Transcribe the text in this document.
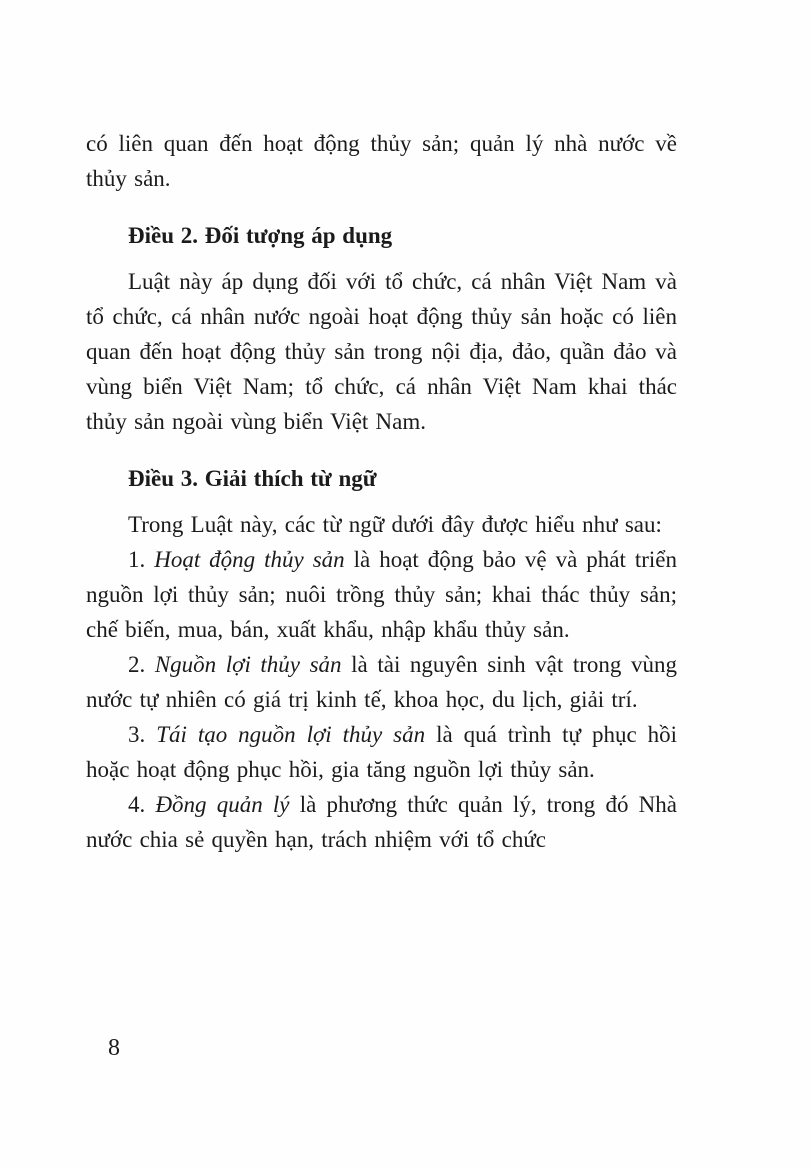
có liên quan đến hoạt động thủy sản; quản lý nhà nước về thủy sản.

Điều 2. Đối tượng áp dụng

Luật này áp dụng đối với tổ chức, cá nhân Việt Nam và tổ chức, cá nhân nước ngoài hoạt động thủy sản hoặc có liên quan đến hoạt động thủy sản trong nội địa, đảo, quần đảo và vùng biển Việt Nam; tổ chức, cá nhân Việt Nam khai thác thủy sản ngoài vùng biển Việt Nam.

Điều 3. Giải thích từ ngữ

Trong Luật này, các từ ngữ dưới đây được hiểu như sau:

1. Hoạt động thủy sản là hoạt động bảo vệ và phát triển nguồn lợi thủy sản; nuôi trồng thủy sản; khai thác thủy sản; chế biến, mua, bán, xuất khẩu, nhập khẩu thủy sản.

2. Nguồn lợi thủy sản là tài nguyên sinh vật trong vùng nước tự nhiên có giá trị kinh tế, khoa học, du lịch, giải trí.

3. Tái tạo nguồn lợi thủy sản là quá trình tự phục hồi hoặc hoạt động phục hồi, gia tăng nguồn lợi thủy sản.

4. Đồng quản lý là phương thức quản lý, trong đó Nhà nước chia sẻ quyền hạn, trách nhiệm với tổ chức

8
